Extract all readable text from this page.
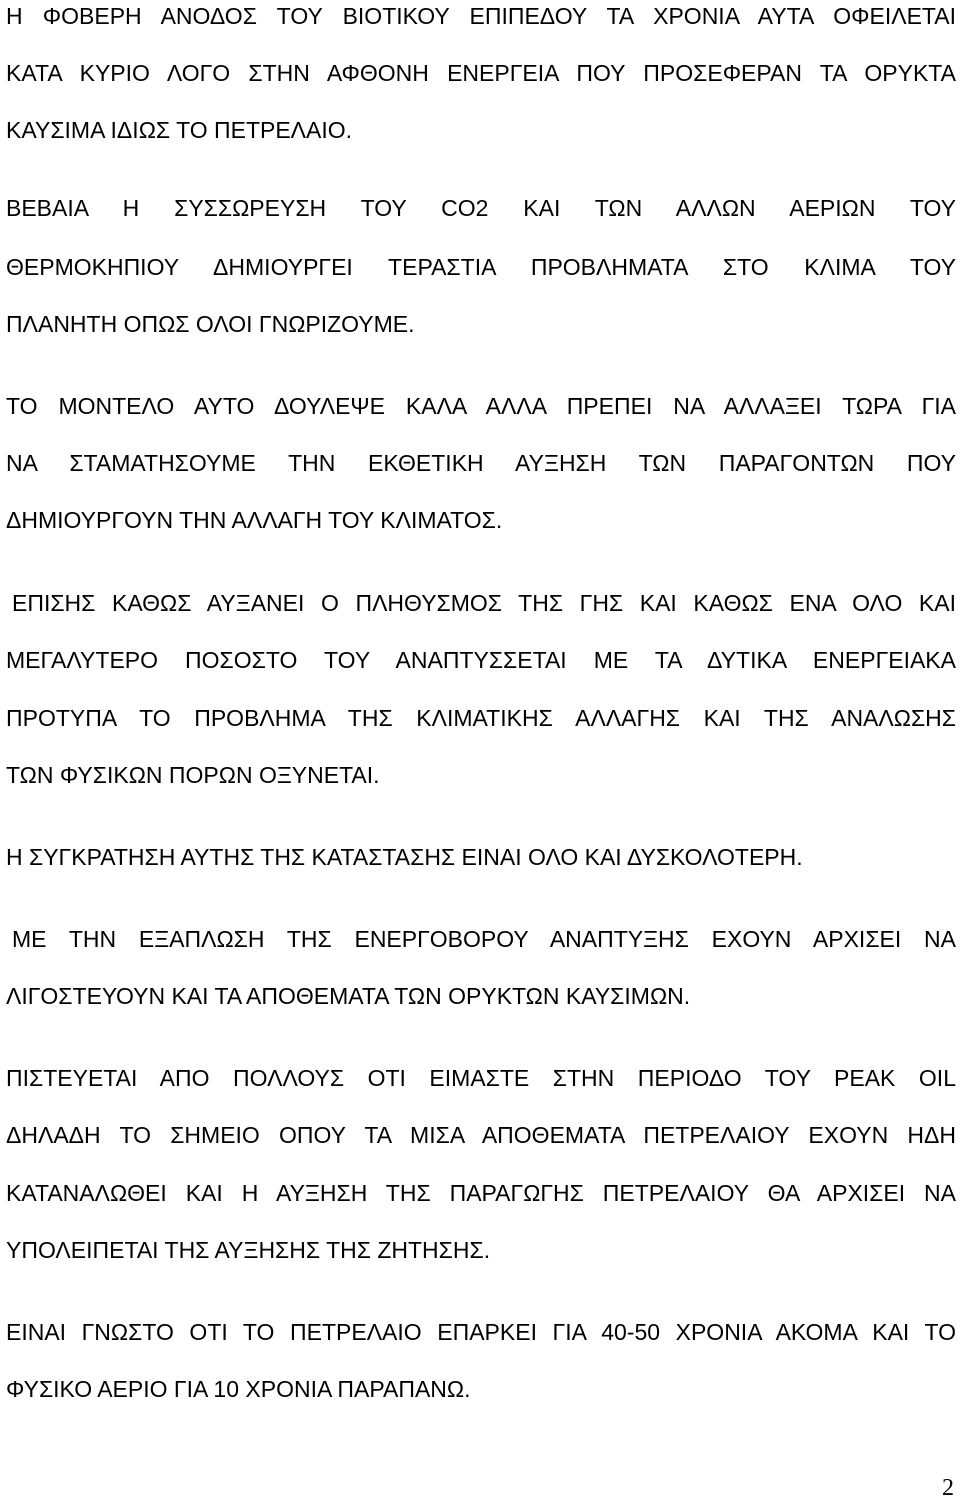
Η ΦΟΒΕΡΗ ΑΝΟΔΟΣ ΤΟΥ ΒΙΟΤΙΚΟΥ ΕΠΙΠΕΔΟΥ ΤΑ ΧΡΟΝΙΑ ΑΥΤΑ ΟΦΕΙΛΕΤΑΙ
ΚΑΤΑ ΚΥΡΙΟ ΛΟΓΟ ΣΤΗΝ ΑΦΘΟΝΗ ΕΝΕΡΓΕΙΑ ΠΟΥ ΠΡΟΣΕΦΕΡΑΝ ΤΑ ΟΡΥΚΤΑ
ΚΑΥΣΙΜΑ ΙΔΙΩΣ ΤΟ ΠΕΤΡΕΛΑΙΟ.
ΒΕΒΑΙΑ Η ΣΥΣΣΩΡΕΥΣΗ ΤΟΥ CO2 ΚΑΙ ΤΩΝ ΑΛΛΩΝ ΑΕΡΙΩΝ ΤΟΥ
ΘΕΡΜΟΚΗΠΙΟΥ ΔΗΜΙΟΥΡΓΕΙ ΤΕΡΑΣΤΙΑ ΠΡΟΒΛΗΜΑΤΑ ΣΤΟ ΚΛΙΜΑ ΤΟΥ
ΠΛΑΝΗΤΗ ΟΠΩΣ ΟΛΟΙ ΓΝΩΡΙΖΟΥΜΕ.
ΤΟ ΜΟΝΤΕΛΟ ΑΥΤΟ ΔΟΥΛΕΨΕ ΚΑΛΑ ΑΛΛΑ ΠΡΕΠΕΙ ΝΑ ΑΛΛΑΞΕΙ ΤΩΡΑ ΓΙΑ
ΝΑ ΣΤΑΜΑΤΗΣΟΥΜΕ ΤΗΝ ΕΚΘΕΤΙΚΗ ΑΥΞΗΣΗ ΤΩΝ ΠΑΡΑΓΟΝΤΩΝ ΠΟΥ
ΔΗΜΙΟΥΡΓΟΥΝ ΤΗΝ ΑΛΛΑΓΗ ΤΟΥ ΚΛΙΜΑΤΟΣ.
ΕΠΙΣΗΣ ΚΑΘΩΣ ΑΥΞΑΝΕΙ Ο ΠΛΗΘΥΣΜΟΣ ΤΗΣ ΓΗΣ ΚΑΙ ΚΑΘΩΣ ΕΝΑ ΟΛΟ ΚΑΙ
ΜΕΓΑΛΥΤΕΡΟ ΠΟΣΟΣΤΟ ΤΟΥ ΑΝΑΠΤΥΣΣΕΤΑΙ ΜΕ ΤΑ ΔΥΤΙΚΑ ΕΝΕΡΓΕΙΑΚΑ
ΠΡΟΤΥΠΑ ΤΟ ΠΡΟΒΛΗΜΑ ΤΗΣ ΚΛΙΜΑΤΙΚΗΣ ΑΛΛΑΓΗΣ ΚΑΙ ΤΗΣ ΑΝΑΛΩΣΗΣ
ΤΩΝ ΦΥΣΙΚΩΝ ΠΟΡΩΝ ΟΞΥΝΕΤΑΙ.
Η ΣΥΓΚΡΑΤΗΣΗ ΑΥΤΗΣ ΤΗΣ ΚΑΤΑΣΤΑΣΗΣ ΕΙΝΑΙ ΟΛΟ ΚΑΙ ΔΥΣΚΟΛΟΤΕΡΗ.
ΜΕ ΤΗΝ ΕΞΑΠΛΩΣΗ ΤΗΣ ΕΝΕΡΓΟΒΟΡΟΥ ΑΝΑΠΤΥΞΗΣ ΕΧΟΥΝ ΑΡΧΙΣΕΙ ΝΑ
ΛΙΓΟΣΤΕΥΟΥΝ ΚΑΙ ΤΑ ΑΠΟΘΕΜΑΤΑ ΤΩΝ ΟΡΥΚΤΩΝ ΚΑΥΣΙΜΩΝ.
ΠΙΣΤΕΥΕΤΑΙ ΑΠΟ ΠΟΛΛΟΥΣ ΟΤΙ ΕΙΜΑΣΤΕ ΣΤΗΝ ΠΕΡΙΟΔΟ ΤΟΥ PEAK OIL
ΔΗΛΑΔΗ ΤΟ ΣΗΜΕΙΟ ΟΠΟΥ ΤΑ ΜΙΣΑ ΑΠΟΘΕΜΑΤΑ ΠΕΤΡΕΛΑΙΟΥ ΕΧΟΥΝ ΗΔΗ
ΚΑΤΑΝΑΛΩΘΕΙ ΚΑΙ Η ΑΥΞΗΣΗ ΤΗΣ ΠΑΡΑΓΩΓΗΣ ΠΕΤΡΕΛΑΙΟΥ ΘΑ ΑΡΧΙΣΕΙ ΝΑ
ΥΠΟΛΕΙΠΕΤΑΙ ΤΗΣ ΑΥΞΗΣΗΣ ΤΗΣ ΖΗΤΗΣΗΣ.
ΕΙΝΑΙ ΓΝΩΣΤΟ ΟΤΙ ΤΟ ΠΕΤΡΕΛΑΙΟ ΕΠΑΡΚΕΙ ΓΙΑ 40-50 ΧΡΟΝΙΑ ΑΚΟΜΑ ΚΑΙ ΤΟ
ΦΥΣΙΚΟ ΑΕΡΙΟ ΓΙΑ 10 ΧΡΟΝΙΑ ΠΑΡΑΠΑΝΩ.
2
